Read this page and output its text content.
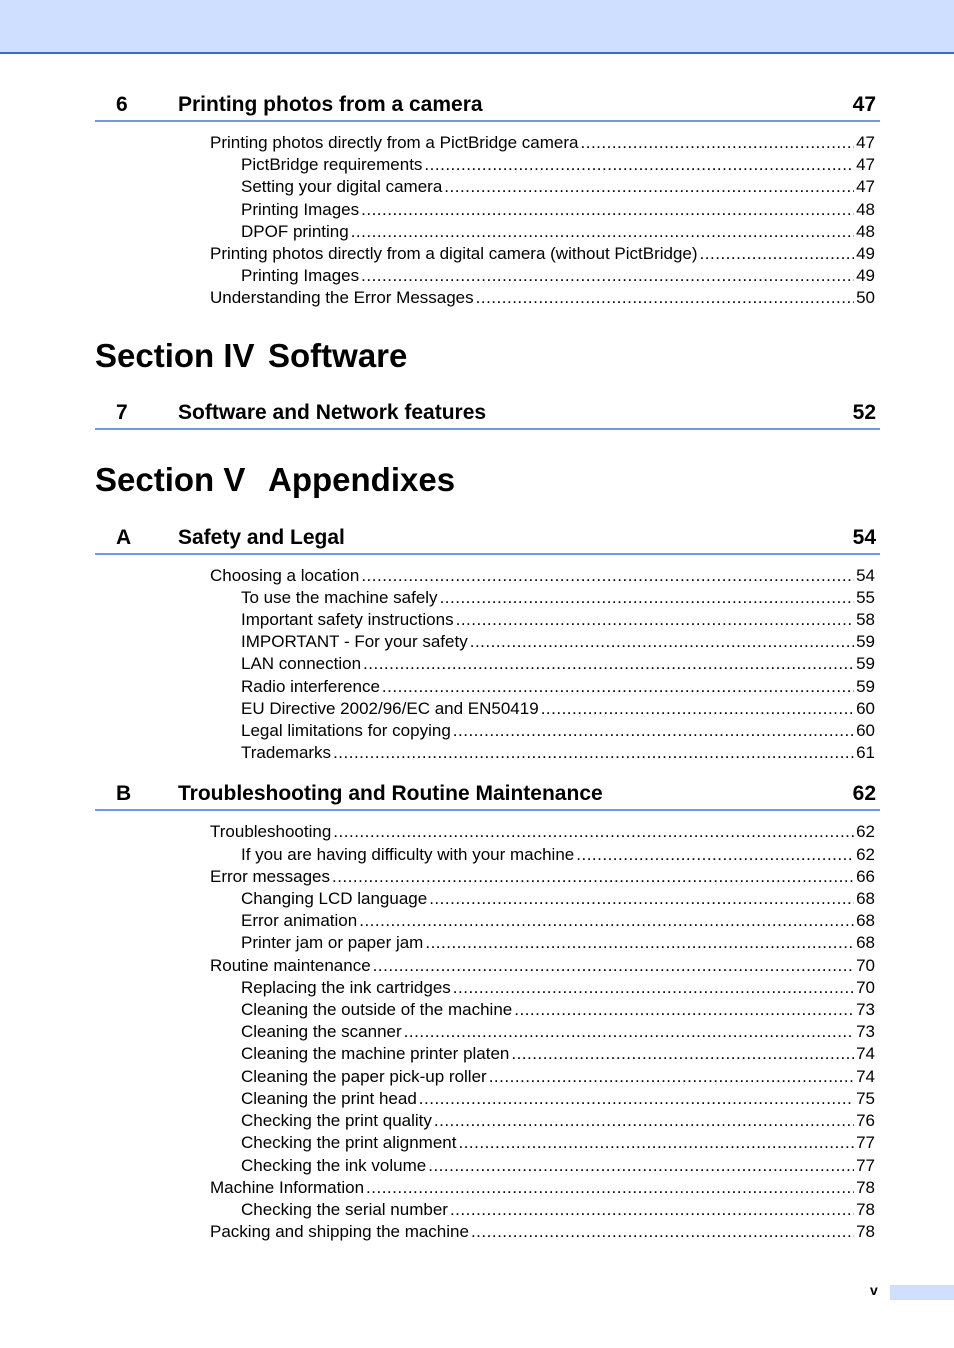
6	Printing photos from a camera	47
Printing photos directly from a PictBridge camera .....	47
PictBridge requirements .....	47
Setting your digital camera .....	47
Printing Images .....	48
DPOF printing .....	48
Printing photos directly from a digital camera (without PictBridge) .....	49
Printing Images .....	49
Understanding the Error Messages .....	50
Section IV Software
7	Software and Network features	52
Section V Appendixes
A	Safety and Legal	54
Choosing a location .....	54
To use the machine safely .....	55
Important safety instructions .....	58
IMPORTANT - For your safety .....	59
LAN connection .....	59
Radio interference .....	59
EU Directive 2002/96/EC and EN50419 .....	60
Legal limitations for copying .....	60
Trademarks .....	61
B	Troubleshooting and Routine Maintenance	62
Troubleshooting .....	62
If you are having difficulty with your machine .....	62
Error messages .....	66
Changing LCD language .....	68
Error animation .....	68
Printer jam or paper jam .....	68
Routine maintenance .....	70
Replacing the ink cartridges .....	70
Cleaning the outside of the machine .....	73
Cleaning the scanner .....	73
Cleaning the machine printer platen .....	74
Cleaning the paper pick-up roller .....	74
Cleaning the print head .....	75
Checking the print quality .....	76
Checking the print alignment .....	77
Checking the ink volume .....	77
Machine Information .....	78
Checking the serial number .....	78
Packing and shipping the machine .....	78
v
